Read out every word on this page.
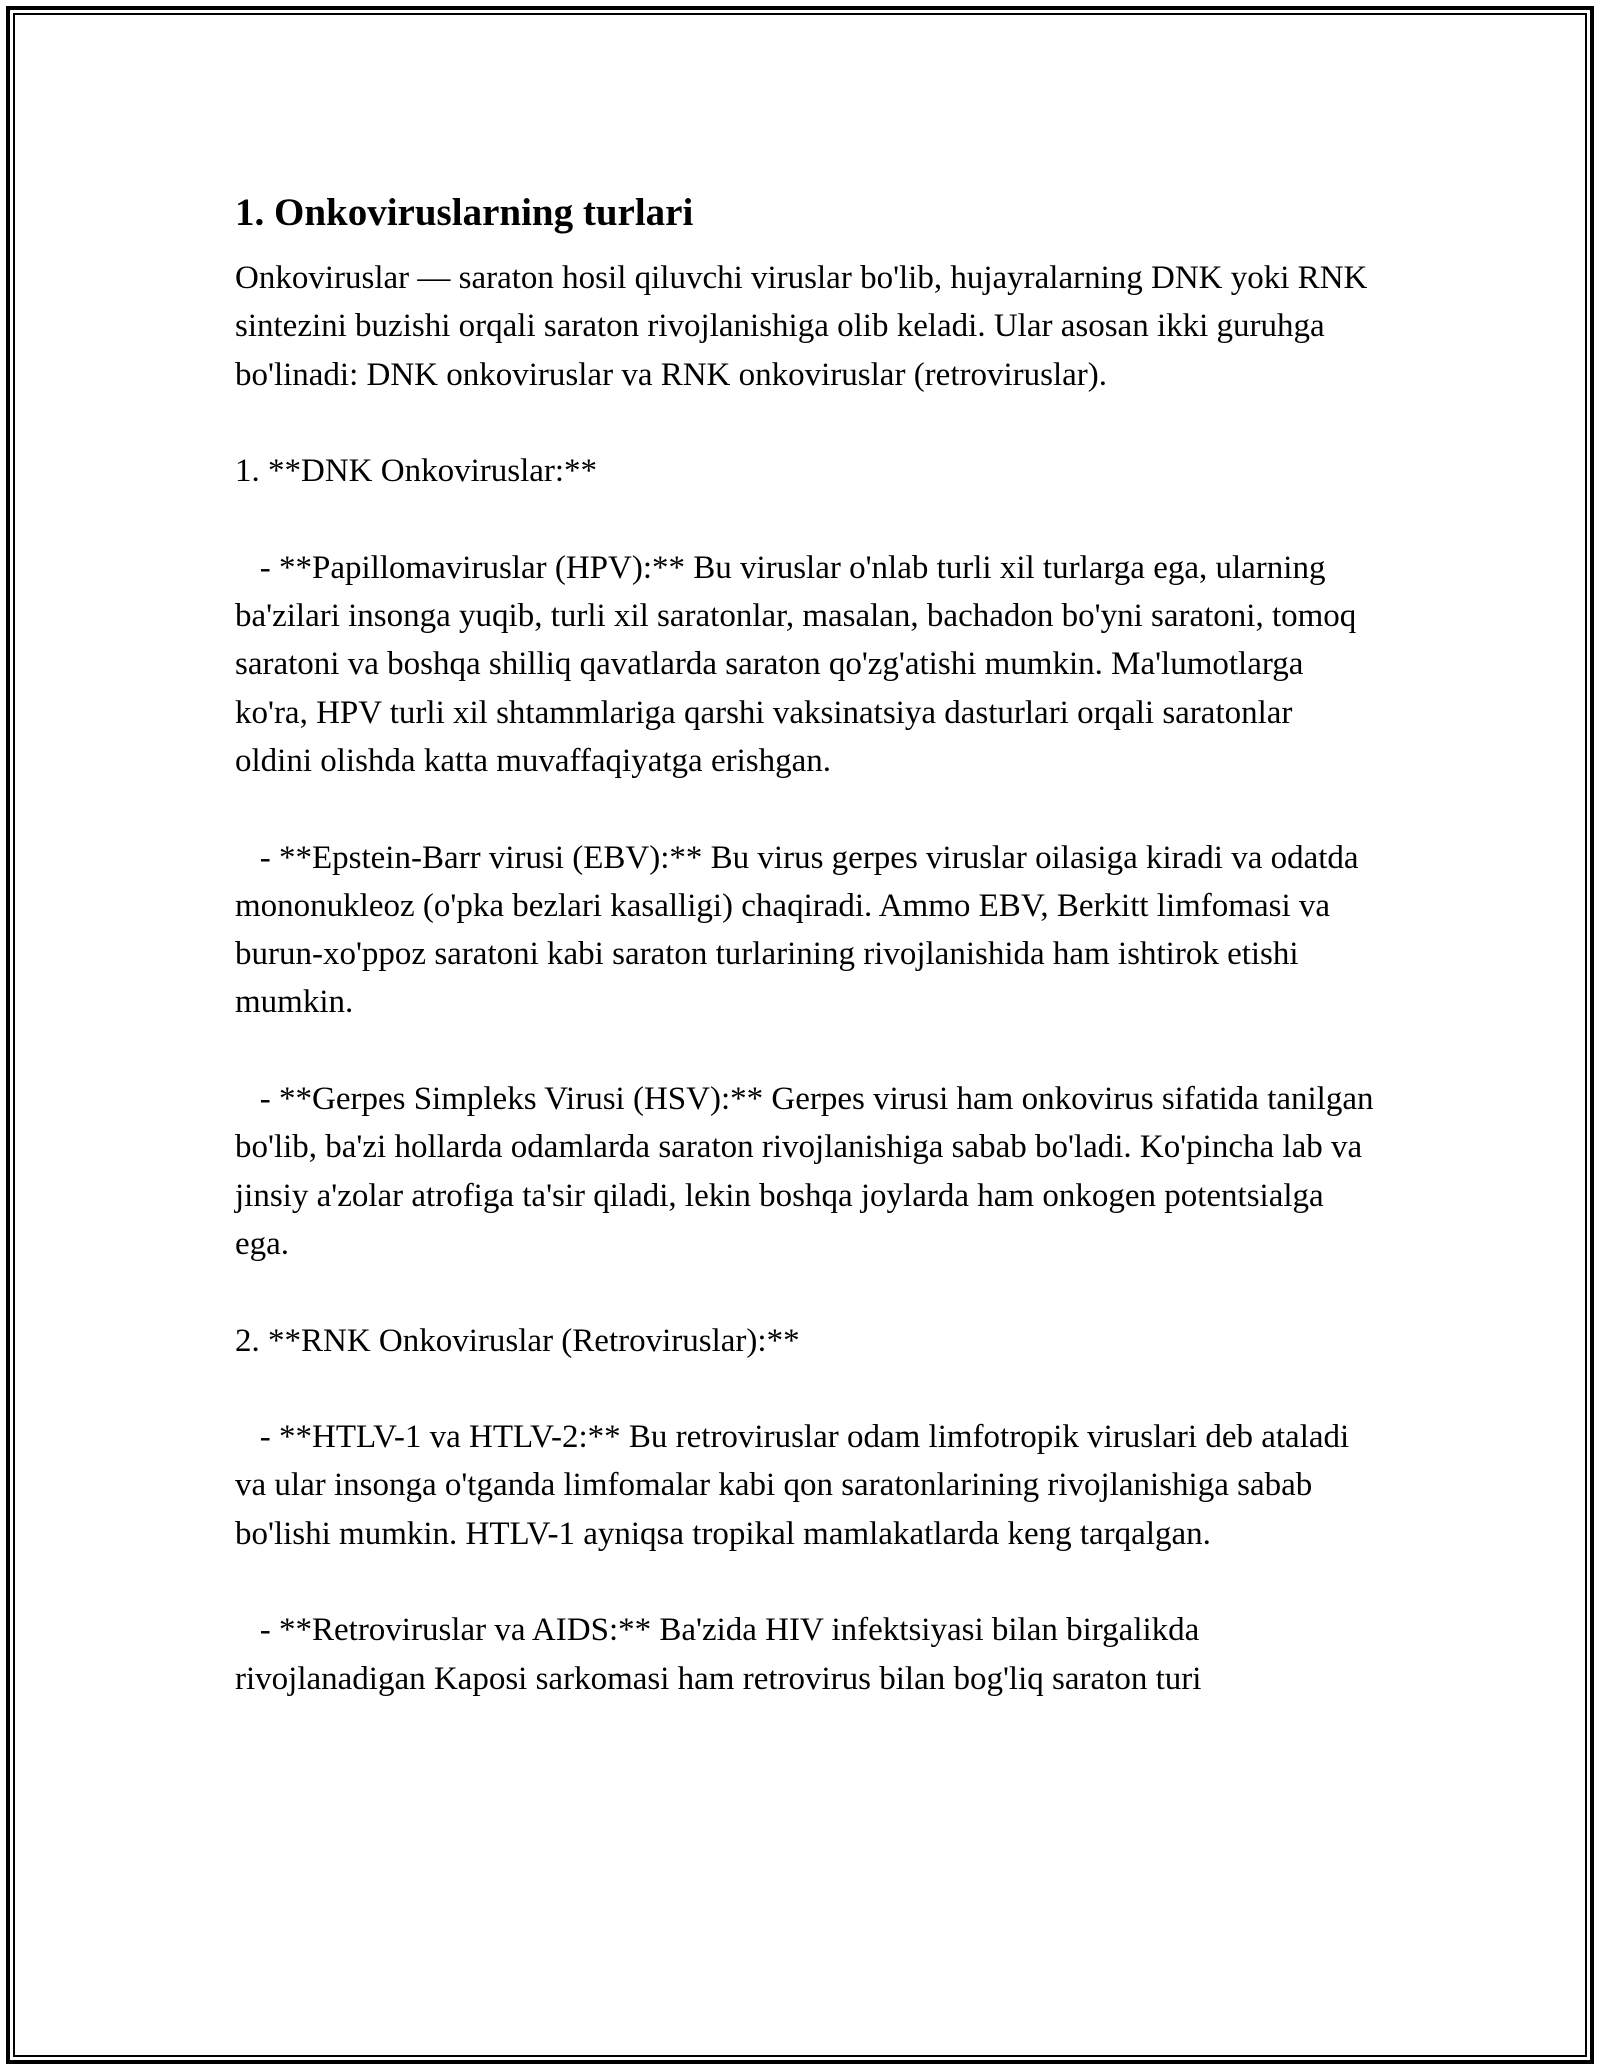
1. Onkoviruslarning turlari

Onkoviruslar — saraton hosil qiluvchi viruslar bo'lib, hujayralarning DNK yoki RNK sintezini buzishi orqali saraton rivojlanishiga olib keladi. Ular asosan ikki guruhga bo'linadi: DNK onkoviruslar va RNK onkoviruslar (retroviruslar).

1. **DNK Onkoviruslar:**

- **Papillomaviruslar (HPV):** Bu viruslar o'nlab turli xil turlarga ega, ularning ba'zilari insonga yuqib, turli xil saratonlar, masalan, bachadon bo'yni saratoni, tomoq saratoni va boshqa shilliq qavatlarda saraton qo'zg'atishi mumkin. Ma'lumotlarga ko'ra, HPV turli xil shtammlariga qarshi vaksinatsiya dasturlari orqali saratonlar oldini olishda katta muvaffaqiyatga erishgan.

- **Epstein-Barr virusi (EBV):** Bu virus gerpes viruslar oilasiga kiradi va odatda mononukleoz (o'pka bezlari kasalligi) chaqiradi. Ammo EBV, Berkitt limfomasi va burun-xo'ppoz saratoni kabi saraton turlarining rivojlanishida ham ishtirok etishi mumkin.

- **Gerpes Simpleks Virusi (HSV):** Gerpes virusi ham onkovirus sifatida tanilgan bo'lib, ba'zi hollarda odamlarda saraton rivojlanishiga sabab bo'ladi. Ko'pincha lab va jinsiy a'zolar atrofiga ta'sir qiladi, lekin boshqa joylarda ham onkogen potentsialga ega.

2. **RNK Onkoviruslar (Retroviruslar):**

- **HTLV-1 va HTLV-2:** Bu retroviruslar odam limfotropik viruslari deb ataladi va ular insonga o'tganda limfomalar kabi qon saratonlarining rivojlanishiga sabab bo'lishi mumkin. HTLV-1 ayniqsa tropikal mamlakatlarda keng tarqalgan.

- **Retroviruslar va AIDS:** Ba'zida HIV infektsiyasi bilan birgalikda rivojlanadigan Kaposi sarkomasi ham retrovirus bilan bog'liq saraton turi
